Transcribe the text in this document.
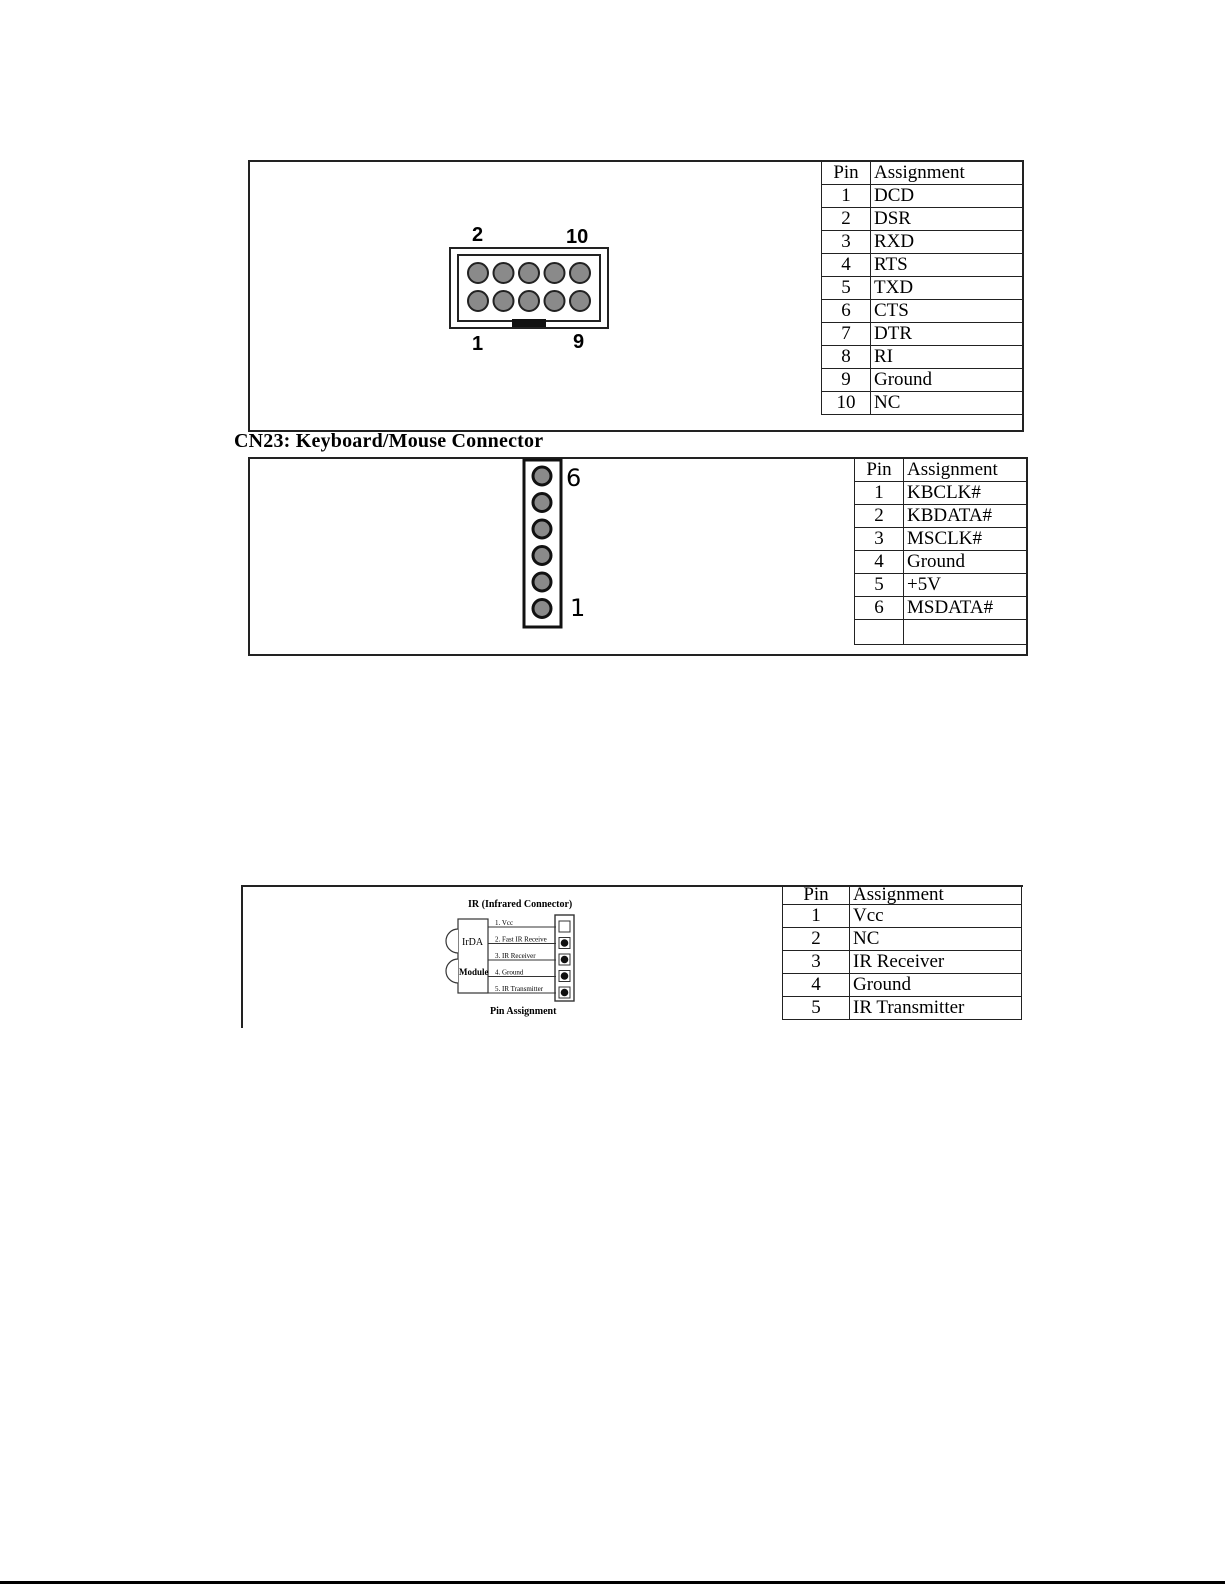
2	10
1	9
Pin	Assignment
1	DCD
2	DSR
3	RXD
4	RTS
5	TXD
6	CTS
7	DTR
8	RI
9	Ground
10	NC
CN23: Keyboard/Mouse Connector
6
1
Pin	Assignment
1	KBCLK#
2	KBDATA#
3	MSCLK#
4	Ground
5	+5V
6	MSDATA#

IR (Infrared Connector)
IrDA
Module
1. Vcc
2. Fast IR Receive
3. IR Receiver
4. Ground
5. IR Transmitter
Pin Assignment
Pin	Assignment
1	Vcc
2	NC
3	IR Receiver
4	Ground
5	IR Transmitter
